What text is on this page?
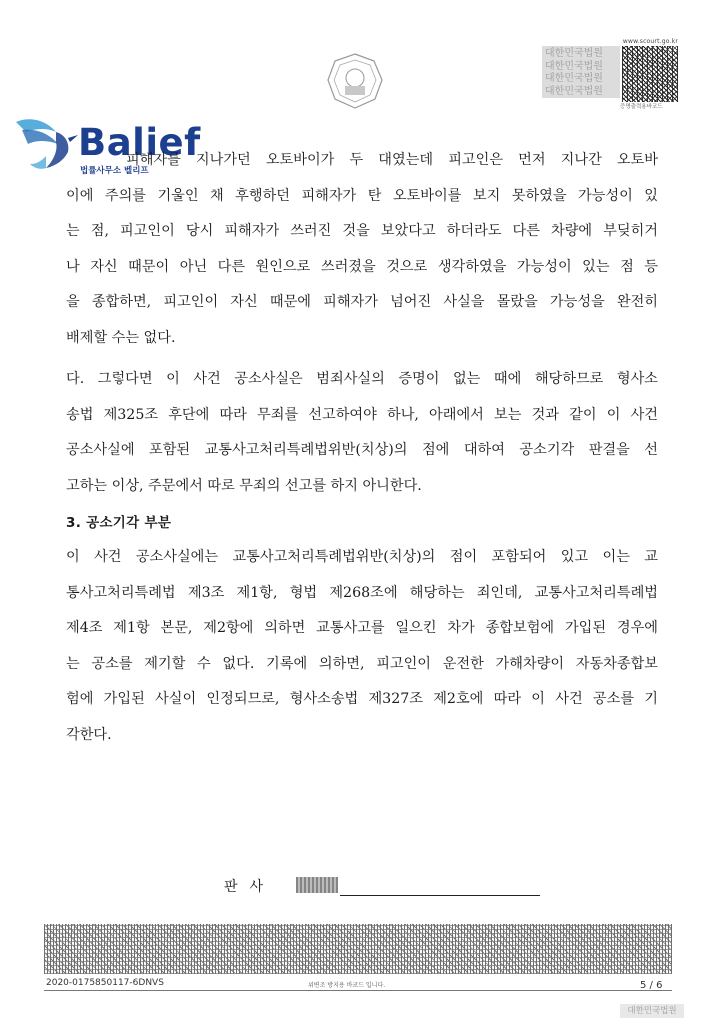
www.scourt.go.kr
대한민국법원
대한민국법원
대한민국법원
대한민국법원
증명출력용바코드
Balief
법률사무소 벨리프
피해자를 지나가던 오토바이가 두 대였는데 피고인은 먼저 지나간 오토바
이에 주의를 기울인 채 후행하던 피해자가 탄 오토바이를 보지 못하였을 가능성이 있
는 점, 피고인이 당시 피해자가 쓰러진 것을 보았다고 하더라도 다른 차량에 부딪히거
나 자신 때문이 아닌 다른 원인으로 쓰러졌을 것으로 생각하였을 가능성이 있는 점 등
을 종합하면, 피고인이 자신 때문에 피해자가 넘어진 사실을 몰랐을 가능성을 완전히
배제할 수는 없다.
다. 그렇다면 이 사건 공소사실은 범죄사실의 증명이 없는 때에 해당하므로 형사소
송법 제325조 후단에 따라 무죄를 선고하여야 하나, 아래에서 보는 것과 같이 이 사건
공소사실에 포함된 교통사고처리특례법위반(치상)의 점에 대하여 공소기각 판결을 선
고하는 이상, 주문에서 따로 무죄의 선고를 하지 아니한다.
3. 공소기각 부분
이 사건 공소사실에는 교통사고처리특례법위반(치상)의 점이 포함되어 있고 이는 교
통사고처리특례법 제3조 제1항, 형법 제268조에 해당하는 죄인데, 교통사고처리특례법
제4조 제1항 본문, 제2항에 의하면 교통사고를 일으킨 차가 종합보험에 가입된 경우에
는 공소를 제기할 수 없다. 기록에 의하면, 피고인이 운전한 가해차량이 자동차종합보
험에 가입된 사실이 인정되므로, 형사소송법 제327조 제2호에 따라 이 사건 공소를 기
각한다.
판사
2020-0175850117-6DNVS	위변조 방지용 바코드 입니다.	5 / 6
대한민국법원
